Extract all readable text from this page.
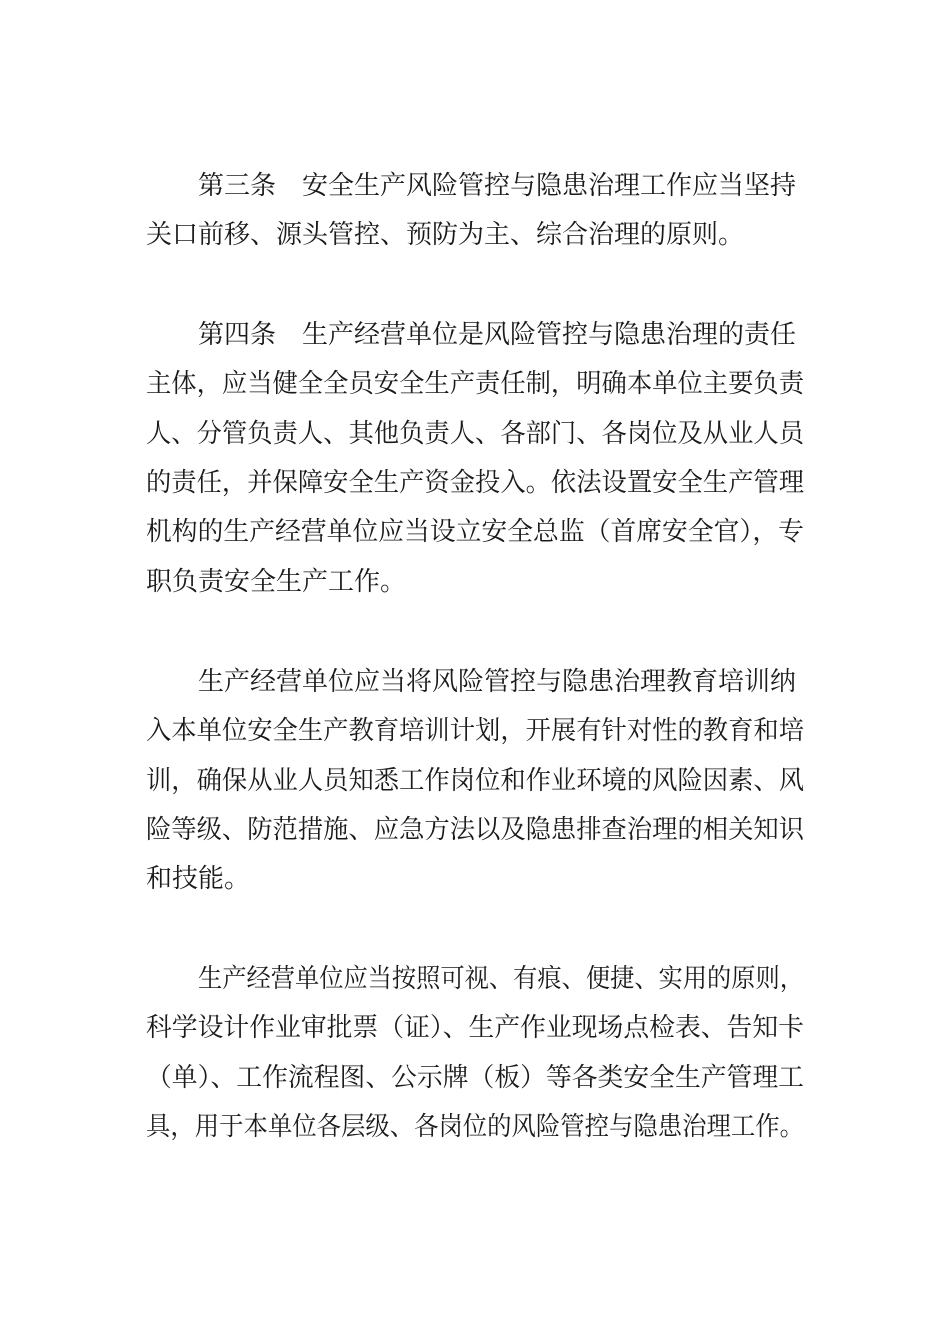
第三条　安全生产风险管控与隐患治理工作应当坚持

关口前移、源头管控、预防为主、综合治理的原则。

第四条　生产经营单位是风险管控与隐患治理的责任

主体，应当健全全员安全生产责任制，明确本单位主要负责

人、分管负责人、其他负责人、各部门、各岗位及从业人员

的责任，并保障安全生产资金投入。依法设置安全生产管理

机构的生产经营单位应当设立安全总监（首席安全官），专

职负责安全生产工作。

生产经营单位应当将风险管控与隐患治理教育培训纳

入本单位安全生产教育培训计划，开展有针对性的教育和培

训，确保从业人员知悉工作岗位和作业环境的风险因素、风

险等级、防范措施、应急方法以及隐患排查治理的相关知识

和技能。

生产经营单位应当按照可视、有痕、便捷、实用的原则，

科学设计作业审批票（证）、生产作业现场点检表、告知卡

（单）、工作流程图、公示牌（板）等各类安全生产管理工

具，用于本单位各层级、各岗位的风险管控与隐患治理工作。
